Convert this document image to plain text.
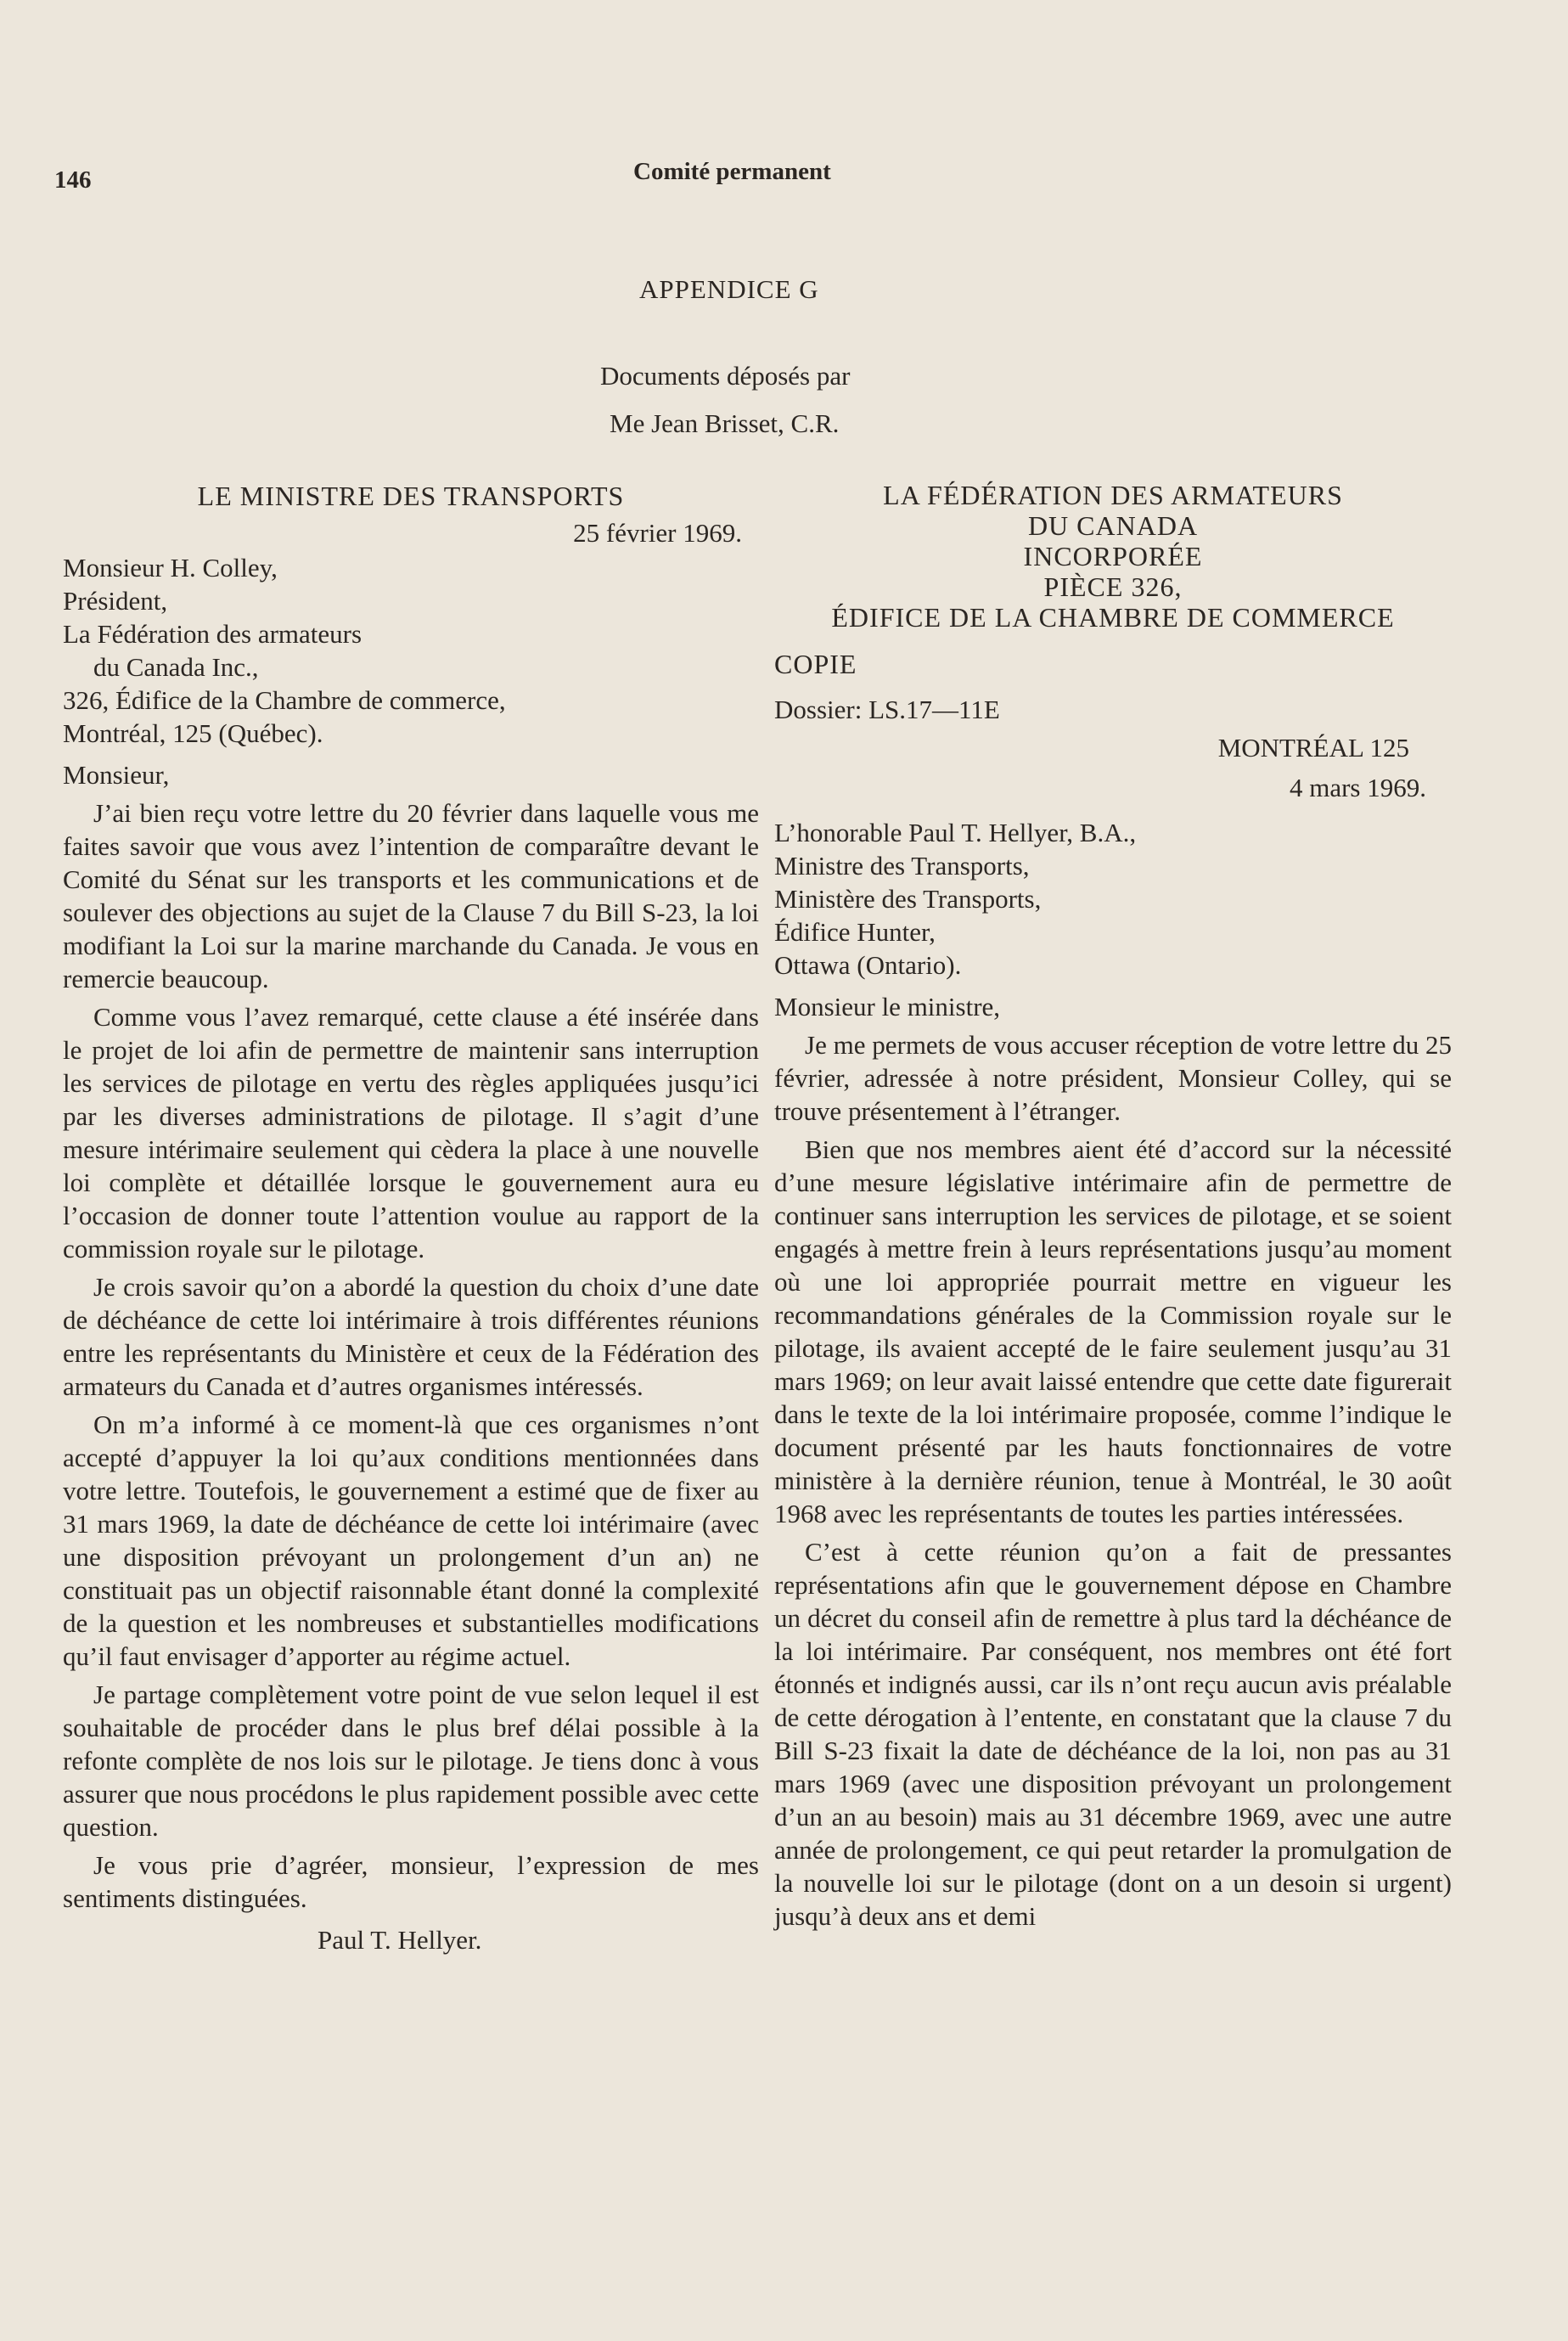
146	Comité permanent
APPENDICE G
Documents déposés par
Me Jean Brisset, C.R.
LE MINISTRE DES TRANSPORTS
25 février 1969.
Monsieur H. Colley,
Président,
La Fédération des armateurs
du Canada Inc.,
326, Édifice de la Chambre de commerce,
Montréal, 125 (Québec).
Monsieur,

J’ai bien reçu votre lettre du 20 février dans laquelle vous me faites savoir que vous avez l’intention de comparaître devant le Comité du Sénat sur les transports et les communications et de soulever des objections au sujet de la Clause 7 du Bill S-23, la loi modifiant la Loi sur la marine marchande du Canada. Je vous en remercie beaucoup.

Comme vous l’avez remarqué, cette clause a été insérée dans le projet de loi afin de permettre de maintenir sans interruption les services de pilotage en vertu des règles appliquées jusqu’ici par les diverses administrations de pilotage. Il s’agit d’une mesure intérimaire seulement qui cèdera la place à une nouvelle loi complète et détaillée lorsque le gouvernement aura eu l’occasion de donner toute l’attention voulue au rapport de la commission royale sur le pilotage.

Je crois savoir qu’on a abordé la question du choix d’une date de déchéance de cette loi intérimaire à trois différentes réunions entre les représentants du Ministère et ceux de la Fédération des armateurs du Canada et d’autres organismes intéressés.

On m’a informé à ce moment-là que ces organismes n’ont accepté d’appuyer la loi qu’aux conditions mentionnées dans votre lettre. Toutefois, le gouvernement a estimé que de fixer au 31 mars 1969, la date de déchéance de cette loi intérimaire (avec une disposition prévoyant un prolongement d’un an) ne constituait pas un objectif raisonnable étant donné la complexité de la question et les nombreuses et substantielles modifications qu’il faut envisager d’apporter au régime actuel.

Je partage complètement votre point de vue selon lequel il est souhaitable de procéder dans le plus bref délai possible à la refonte complète de nos lois sur le pilotage. Je tiens donc à vous assurer que nous procédons le plus rapidement possible avec cette question.

Je vous prie d’agréer, monsieur, l’expression de mes sentiments distinguées.

Paul T. Hellyer.
LA FÉDÉRATION DES ARMATEURS
DU CANADA
INCORPORÉE
PIÈCE 326,
ÉDIFICE DE LA CHAMBRE DE COMMERCE
COPIE
Dossier: LS.17—11E
MONTRÉAL 125
4 mars 1969.
L’honorable Paul T. Hellyer, B.A.,
Ministre des Transports,
Ministère des Transports,
Édifice Hunter,
Ottawa (Ontario).
Monsieur le ministre,

Je me permets de vous accuser réception de votre lettre du 25 février, adressée à notre président, Monsieur Colley, qui se trouve présentement à l’étranger.

Bien que nos membres aient été d’accord sur la nécessité d’une mesure législative intérimaire afin de permettre de continuer sans interruption les services de pilotage, et se soient engagés à mettre frein à leurs représentations jusqu’au moment où une loi appropriée pourrait mettre en vigueur les recommandations générales de la Commission royale sur le pilotage, ils avaient accepté de le faire seulement jusqu’au 31 mars 1969; on leur avait laissé entendre que cette date figurerait dans le texte de la loi intérimaire proposée, comme l’indique le document présenté par les hauts fonctionnaires de votre ministère à la dernière réunion, tenue à Montréal, le 30 août 1968 avec les représentants de toutes les parties intéressées.

C’est à cette réunion qu’on a fait de pressantes représentations afin que le gouvernement dépose en Chambre un décret du conseil afin de remettre à plus tard la déchéance de la loi intérimaire. Par conséquent, nos membres ont été fort étonnés et indignés aussi, car ils n’ont reçu aucun avis préalable de cette dérogation à l’entente, en constatant que la clause 7 du Bill S-23 fixait la date de déchéance de la loi, non pas au 31 mars 1969 (avec une disposition prévoyant un prolongement d’un an au besoin) mais au 31 décembre 1969, avec une autre année de prolongement, ce qui peut retarder la promulgation de la nouvelle loi sur le pilotage (dont on a un desoin si urgent) jusqu’à deux ans et demi
